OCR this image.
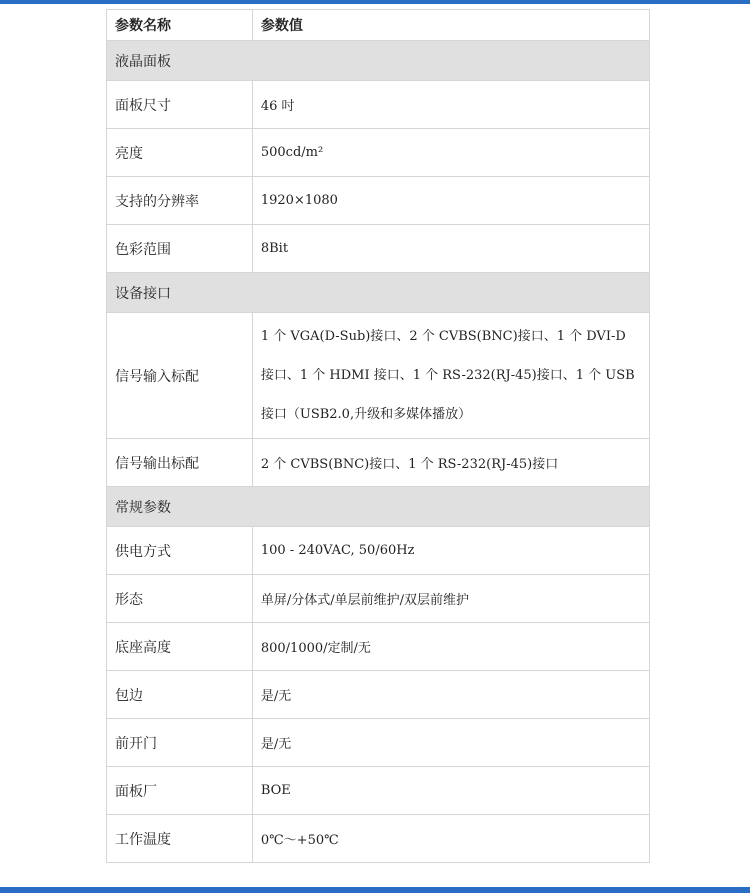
参数名称	参数值
液晶面板	
面板尺寸	46 吋
亮度	500cd/m²
支持的分辨率	1920×1080
色彩范围	8Bit
设备接口	
信号输入标配	1 个 VGA(D-Sub)接口、2 个 CVBS(BNC)接口、1 个 DVI-D 接口、1 个 HDMI 接口、1 个 RS-232(RJ-45)接口、1 个 USB 接口（USB2.0,升级和多媒体播放）
信号输出标配	2 个 CVBS(BNC)接口、1 个 RS-232(RJ-45)接口
常规参数	
供电方式	100 - 240VAC, 50/60Hz
形态	单屏/分体式/单层前维护/双层前维护
底座高度	800/1000/定制/无
包边	是/无
前开门	是/无
面板厂	BOE
工作温度	0℃～+50℃
